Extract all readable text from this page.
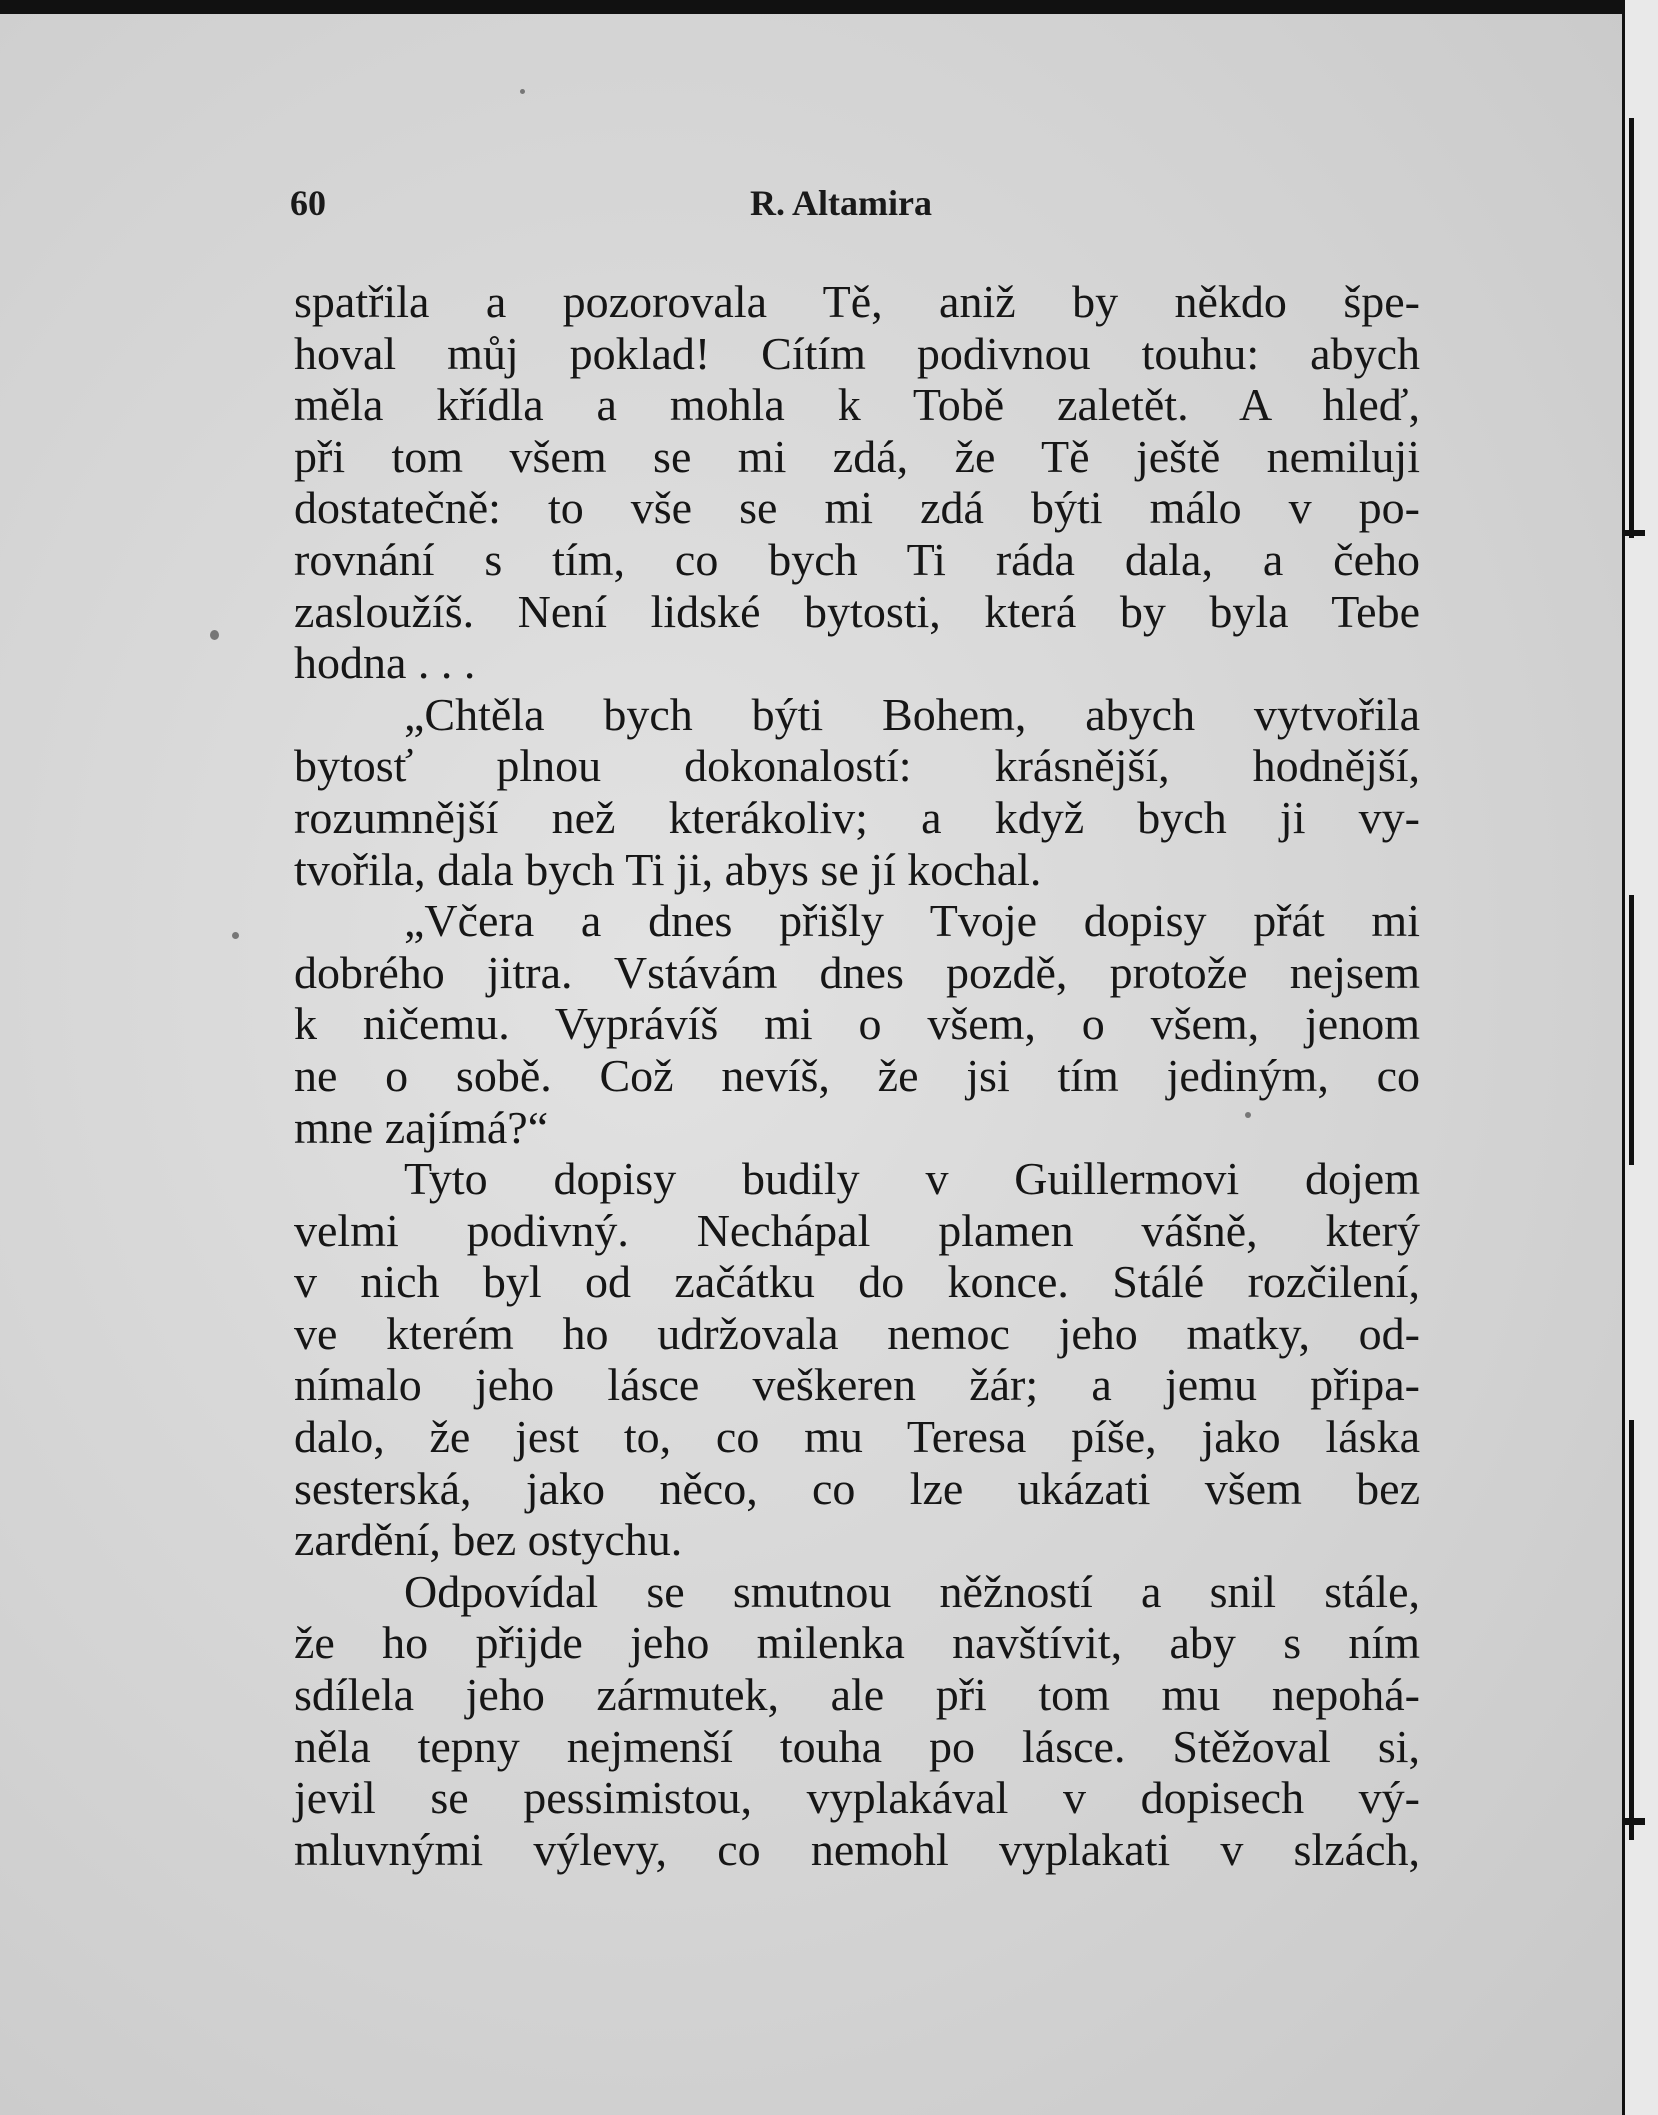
60	R. Altamira
spatřila a pozorovala Tě, aniž by někdo špe-
hoval můj poklad! Cítím podivnou touhu: abych
měla křídla a mohla k Tobě zaletět. A hleď,
při tom všem se mi zdá, že Tě ještě nemiluji
dostatečně: to vše se mi zdá býti málo v po-
rovnání s tím, co bych Ti ráda dala, a čeho
zasloužíš. Není lidské bytosti, která by byla Tebe
hodna . . .
„Chtěla bych býti Bohem, abych vytvořila
bytosť plnou dokonalostí: krásnější, hodnější,
rozumnější než kterákoliv; a když bych ji vy-
tvořila, dala bych Ti ji, abys se jí kochal.
„Včera a dnes přišly Tvoje dopisy přát mi
dobrého jitra. Vstávám dnes pozdě, protože nejsem
k ničemu. Vyprávíš mi o všem, o všem, jenom
ne o sobě. Což nevíš, že jsi tím jediným, co
mne zajímá?“
Tyto dopisy budily v Guillermovi dojem
velmi podivný. Nechápal plamen vášně, který
v nich byl od začátku do konce. Stálé rozčilení,
ve kterém ho udržovala nemoc jeho matky, od-
nímalo jeho lásce veškeren žár; a jemu připa-
dalo, že jest to, co mu Teresa píše, jako láska
sesterská, jako něco, co lze ukázati všem bez
zardění, bez ostychu.
Odpovídal se smutnou něžností a snil stále,
že ho přijde jeho milenka navštívit, aby s ním
sdílela jeho zármutek, ale při tom mu nepohá-
něla tepny nejmenší touha po lásce. Stěžoval si,
jevil se pessimistou, vyplakával v dopisech vý-
mluvnými výlevy, co nemohl vyplakati v slzách,
